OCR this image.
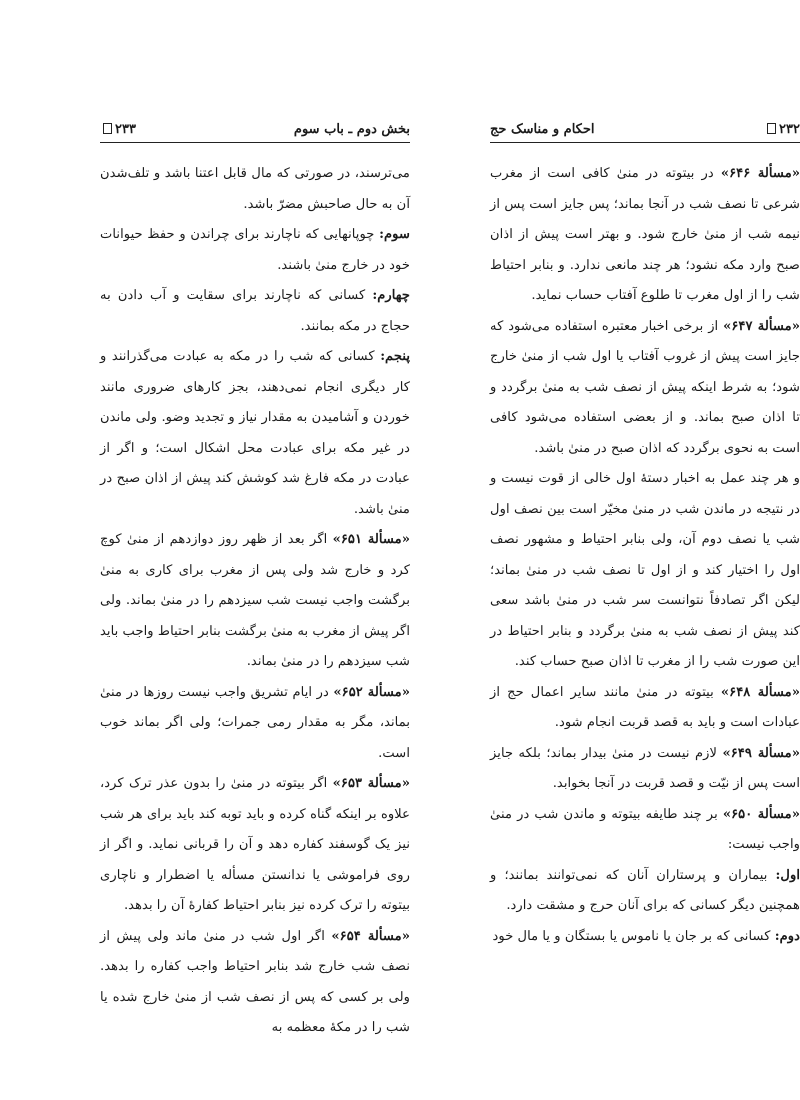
بخش دوم ـ باب سوم
۲۳۳

می‌ترسند، در صورتی که مال قابل اعتنا باشد و تلف‌شدن آن به حال صاحبش مضرّ باشد.

سوم: چوپانهایی که ناچارند برای چراندن و حفظ حیوانات خود در خارج منیٰ باشند.

چهارم: کسانی که ناچارند برای سقایت و آب دادن به حجاج در مکه بمانند.

پنجم: کسانی که شب را در مکه به عبادت می‌گذرانند و کار دیگری انجام نمی‌دهند، بجز کارهای ضروری مانند خوردن و آشامیدن به مقدار نیاز و تجدید وضو. ولی ماندن در غیر مکه برای عبادت محل اشکال است؛ و اگر از عبادت در مکه فارغ شد کوشش کند پیش از اذان صبح در منیٰ باشد.

«مسألة ۶۵۱» اگر بعد از ظهر روز دوازدهم از منیٰ کوچ کرد و خارج شد ولی پس از مغرب برای کاری به منیٰ برگشت واجب نیست شب سیزدهم را در منیٰ بماند. ولی اگر پیش از مغرب به منیٰ برگشت بنابر احتیاط واجب باید شب سیزدهم را در منیٰ بماند.

«مسألة ۶۵۲» در ایام تشریق واجب نیست روزها در منیٰ بماند، مگر به مقدار رمی جمرات؛ ولی اگر بماند خوب است.

«مسألة ۶۵۳» اگر بیتوته در منیٰ را بدون عذر ترک کرد، علاوه بر اینکه گناه کرده و باید توبه کند باید برای هر شب نیز یک گوسفند کفاره دهد و آن را قربانی نماید. و اگر از روی فراموشی یا ندانستن مسأله یا اضطرار و ناچاری بیتوته را ترک کرده نیز بنابر احتیاط کفارهٔ آن را بدهد.

«مسألة ۶۵۴» اگر اول شب در منیٰ ماند ولی پیش از نصف شب خارج شد بنابر احتیاط واجب کفاره را بدهد. ولی بر کسی که پس از نصف شب از منیٰ خارج شده یا شب را در مکهٔ معظمه به

احکام و مناسک حج	۲۳۲

«مسألة ۶۴۶» در بیتوته در منیٰ کافی است از مغرب شرعی تا نصف شب در آنجا بماند؛ پس جایز است پس از نیمه شب از منیٰ خارج شود. و بهتر است پیش از اذان صبح وارد مکه نشود؛ هر چند مانعی ندارد. و بنابر احتیاط شب را از اول مغرب تا طلوع آفتاب حساب نماید.

«مسألة ۶۴۷» از برخی اخبار معتبره استفاده می‌شود که جایز است پیش از غروب آفتاب یا اول شب از منیٰ خارج شود؛ به شرط اینکه پیش از نصف شب به منیٰ برگردد و تا اذان صبح بماند. و از بعضی استفاده می‌شود کافی است به نحوی برگردد که اذان صبح در منیٰ باشد.

و هر چند عمل به اخبار دستهٔ اول خالی از قوت نیست و در نتیجه در ماندن شب در منیٰ مخیّر است بین نصف اول شب یا نصف دوم آن، ولی بنابر احتیاط و مشهور نصف اول را اختیار کند و از اول تا نصف شب در منیٰ بماند؛ لیکن اگر تصادفاً نتوانست سر شب در منیٰ باشد سعی کند پیش از نصف شب به منیٰ برگردد و بنابر احتیاط در این صورت شب را از مغرب تا اذان صبح حساب کند.

«مسألة ۶۴۸» بیتوته در منیٰ مانند سایر اعمال حج از عبادات است و باید به قصد قربت انجام شود.

«مسألة ۶۴۹» لازم نیست در منیٰ بیدار بماند؛ بلکه جایز است پس از نیّت و قصد قربت در آنجا بخوابد.

«مسألة ۶۵۰» بر چند طایفه بیتوته و ماندن شب در منیٰ واجب نیست:

اول: بیماران و پرستاران آنان که نمی‌توانند بمانند؛ و همچنین دیگر کسانی که برای آنان حرج و مشقت دارد.

دوم: کسانی که بر جان یا ناموس یا بستگان و یا مال خود
